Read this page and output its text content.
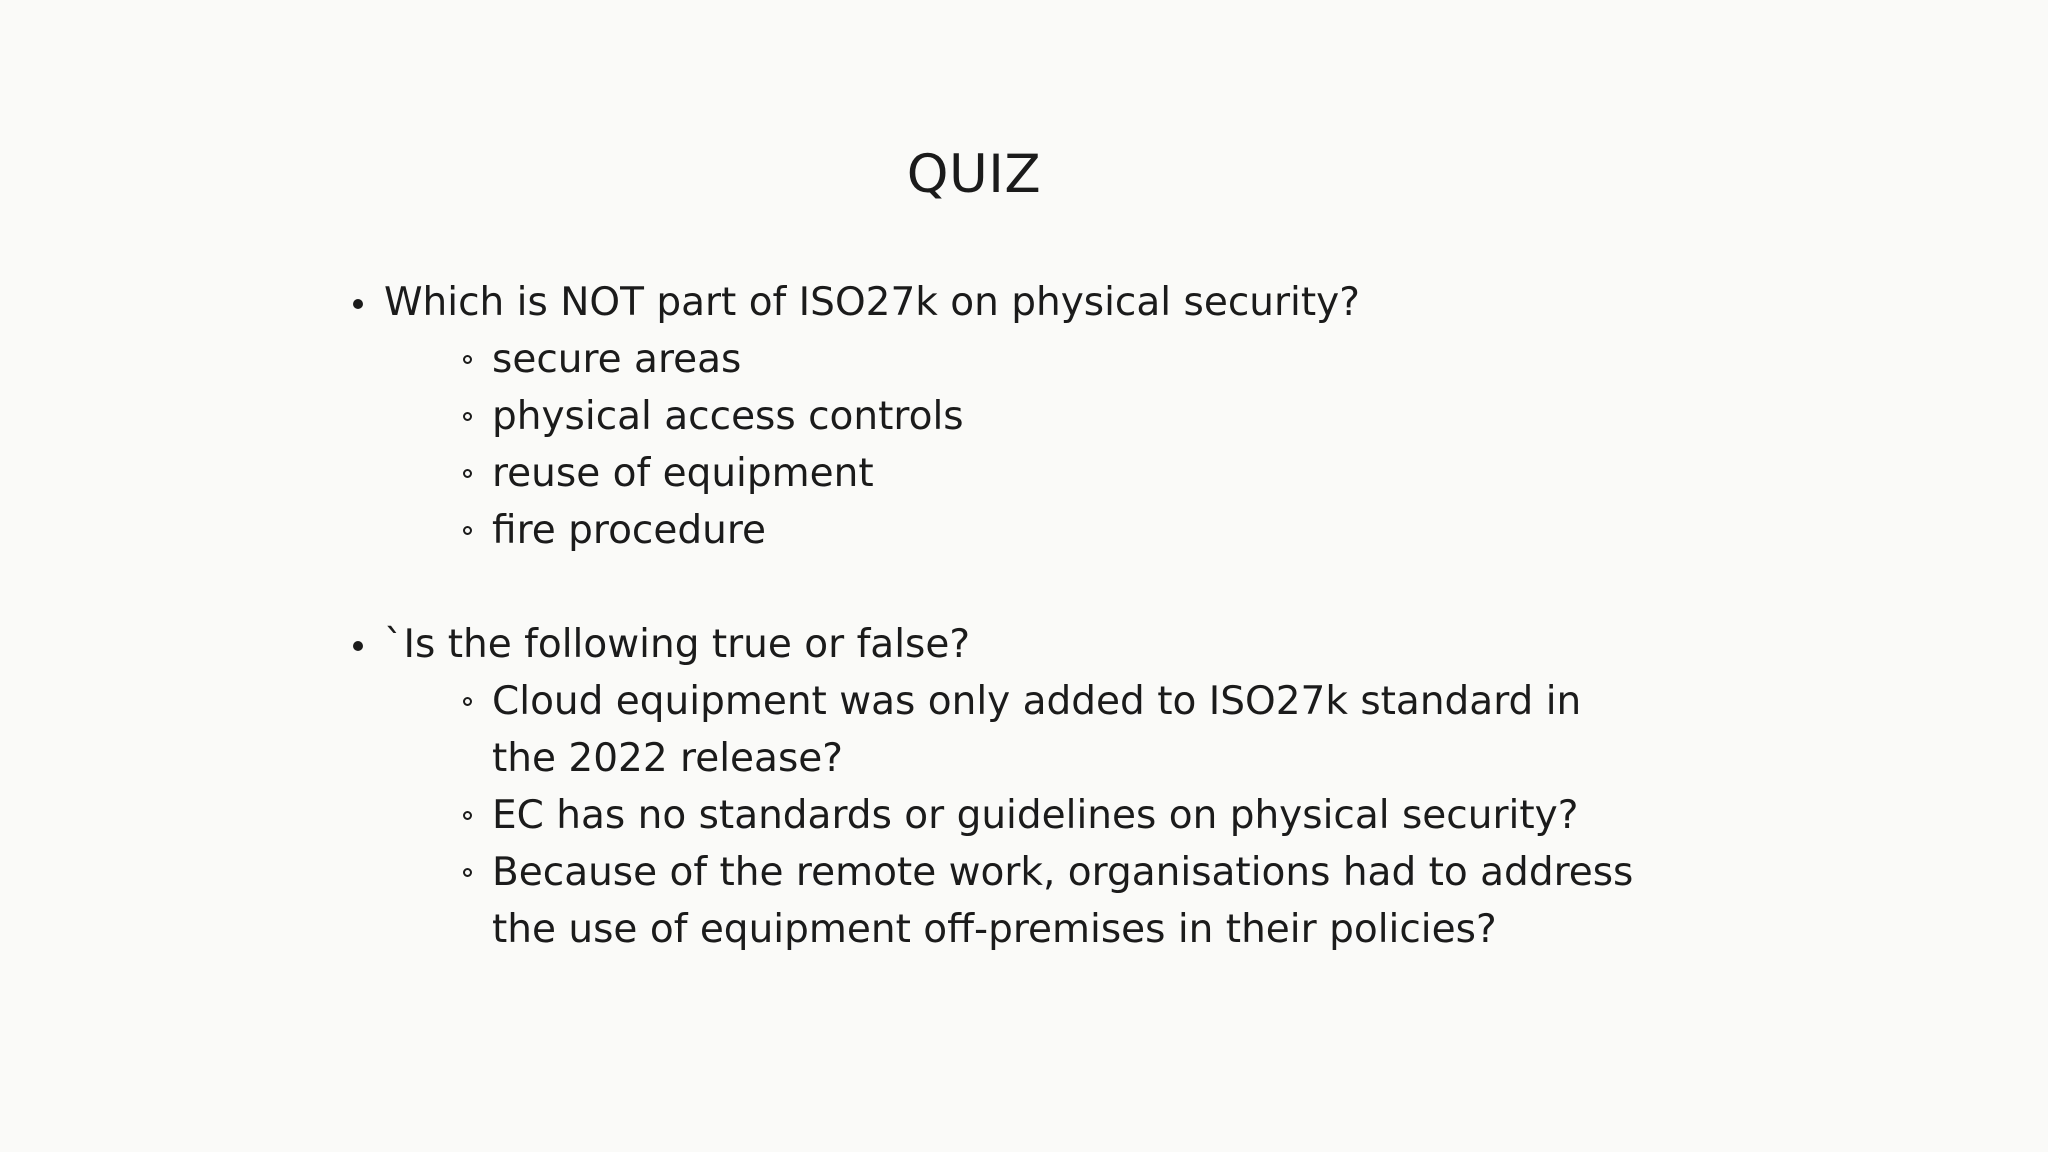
QUIZ
Which is NOT part of ISO27k on physical security?
secure areas
physical access controls
reuse of equipment
fire procedure
`Is the following true or false?
Cloud equipment was only added to ISO27k standard in the 2022 release?
EC has no standards or guidelines on physical security?
Because of the remote work, organisations had to address the use of equipment off-premises in their policies?
